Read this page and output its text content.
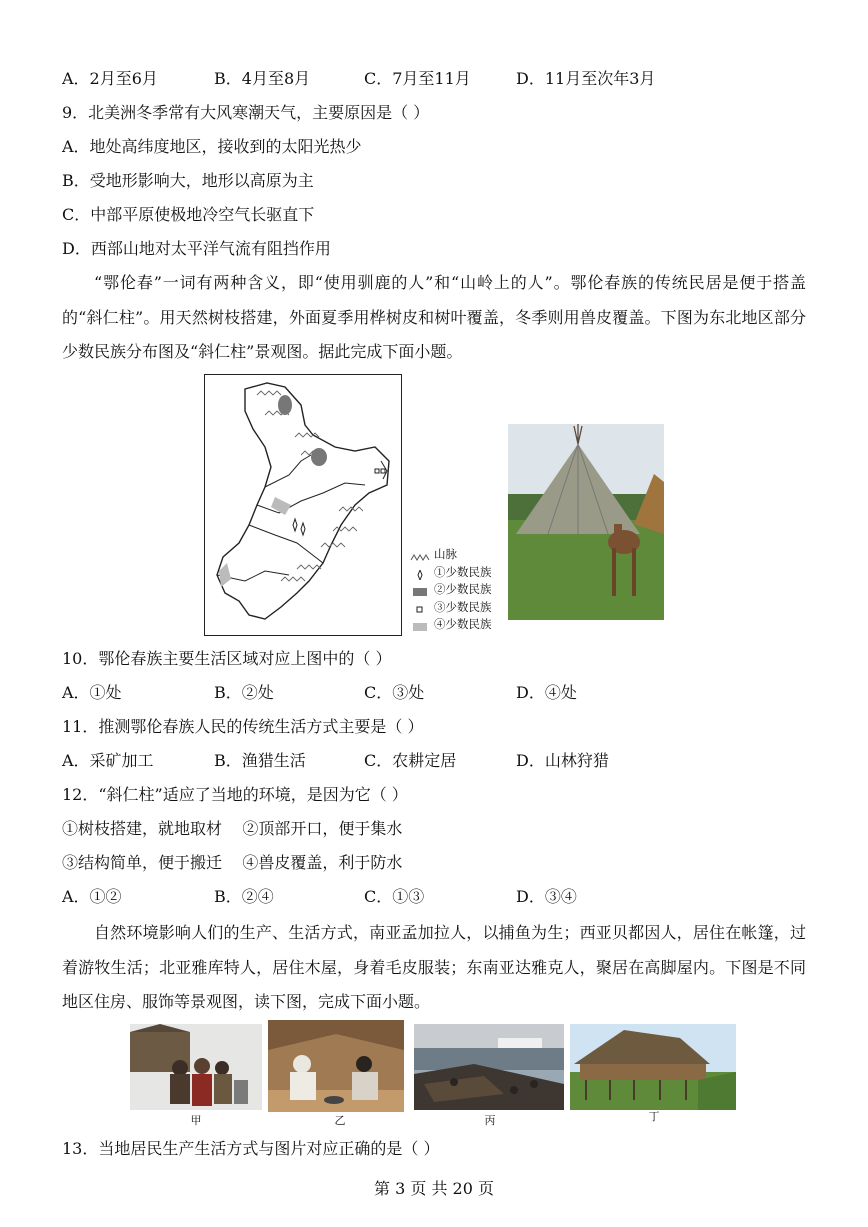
A．2月至6月	B．4月至8月	C．7月至11月	D．11月至次年3月
9．北美洲冬季常有大风寒潮天气，主要原因是（ ）
A．地处高纬度地区，接收到的太阳光热少
B．受地形影响大，地形以高原为主
C．中部平原使极地冷空气长驱直下
D．西部山地对太平洋气流有阻挡作用
“鄂伦春”一词有两种含义，即“使用驯鹿的人”和“山岭上的人”。鄂伦春族的传统民居是便于搭盖的“斜仁柱”。用天然树枝搭建，外面夏季用桦树皮和树叶覆盖，冬季则用兽皮覆盖。下图为东北地区部分少数民族分布图及“斜仁柱”景观图。据此完成下面小题。
山脉
①少数民族
②少数民族
③少数民族
④少数民族
10．鄂伦春族主要生活区域对应上图中的（ ）
A．①处	B．②处	C．③处	D．④处
11．推测鄂伦春族人民的传统生活方式主要是（ ）
A．采矿加工	B．渔猎生活	C．农耕定居	D．山林狩猎
12．“斜仁柱”适应了当地的环境，是因为它（ ）
①树枝搭建，就地取材    ②顶部开口，便于集水
③结构简单，便于搬迁    ④兽皮覆盖，利于防水
A．①②	B．②④	C．①③	D．③④
自然环境影响人们的生产、生活方式，南亚孟加拉人，以捕鱼为生；西亚贝都因人，居住在帐篷，过着游牧生活；北亚雅库特人，居住木屋，身着毛皮服装；东南亚达雅克人，聚居在高脚屋内。下图是不同地区住房、服饰等景观图，读下图，完成下面小题。
甲	乙	丙	丁
13．当地居民生产生活方式与图片对应正确的是（ ）
第 3 页 共 20 页
